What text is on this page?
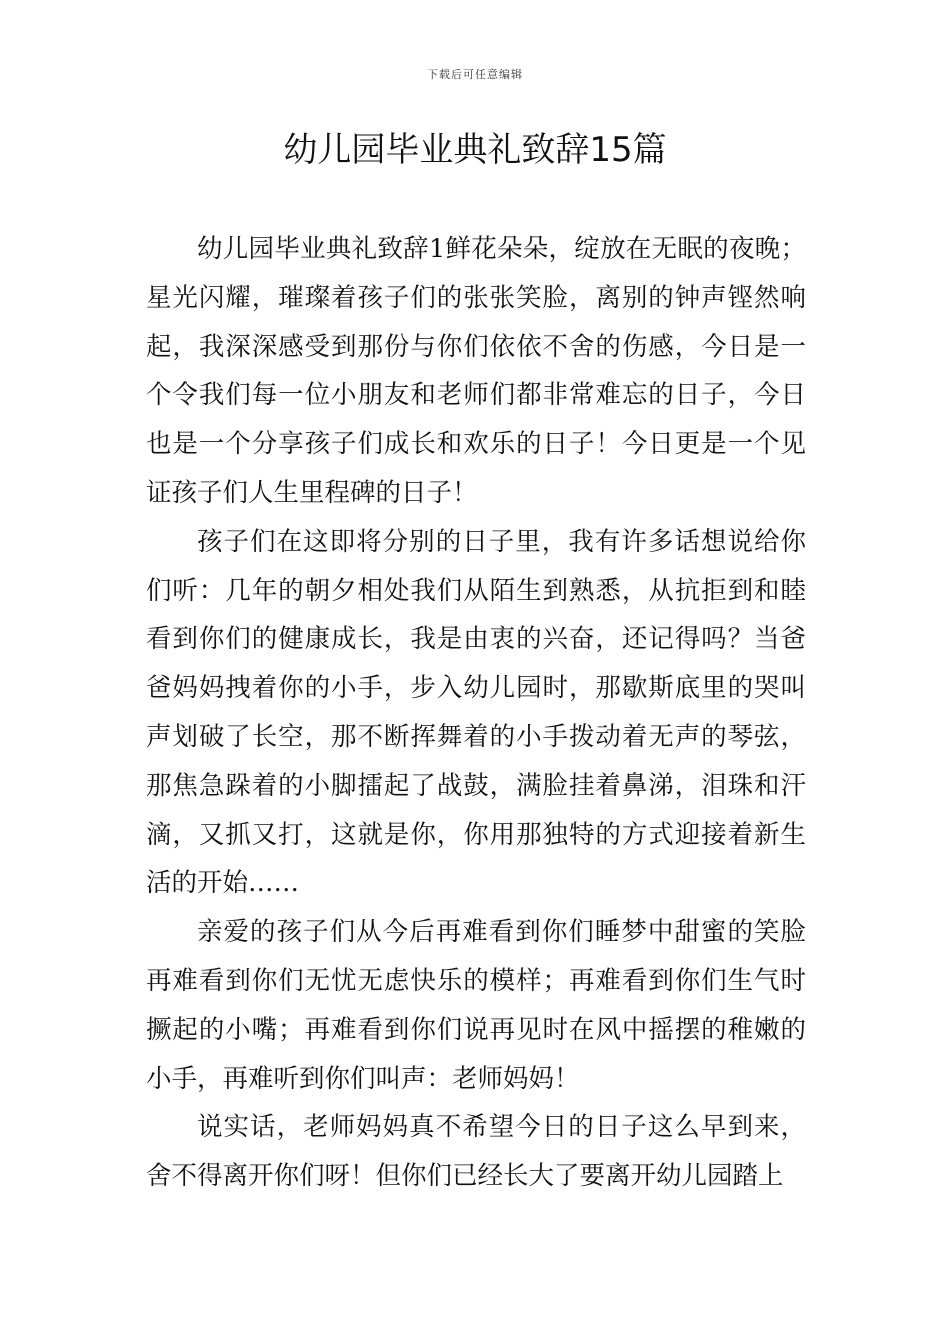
下载后可任意编辑
幼儿园毕业典礼致辞15篇

幼儿园毕业典礼致辞1鲜花朵朵，绽放在无眠的夜晚；星光闪耀，璀璨着孩子们的张张笑脸，离别的钟声铿然响起，我深深感受到那份与你们依依不舍的伤感，今日是一个令我们每一位小朋友和老师们都非常难忘的日子，今日也是一个分享孩子们成长和欢乐的日子！今日更是一个见证孩子们人生里程碑的日子！

孩子们在这即将分别的日子里，我有许多话想说给你们听：几年的朝夕相处我们从陌生到熟悉，从抗拒到和睦看到你们的健康成长，我是由衷的兴奋，还记得吗？当爸爸妈妈拽着你的小手，步入幼儿园时，那歇斯底里的哭叫声划破了长空，那不断挥舞着的小手拨动着无声的琴弦，那焦急跺着的小脚擂起了战鼓，满脸挂着鼻涕，泪珠和汗滴，又抓又打，这就是你，你用那独特的方式迎接着新生活的开始……

亲爱的孩子们从今后再难看到你们睡梦中甜蜜的笑脸再难看到你们无忧无虑快乐的模样；再难看到你们生气时撅起的小嘴；再难看到你们说再见时在风中摇摆的稚嫩的小手，再难听到你们叫声：老师妈妈！

说实话，老师妈妈真不希望今日的日子这么早到来，舍不得离开你们呀！但你们已经长大了要离开幼儿园踏上
